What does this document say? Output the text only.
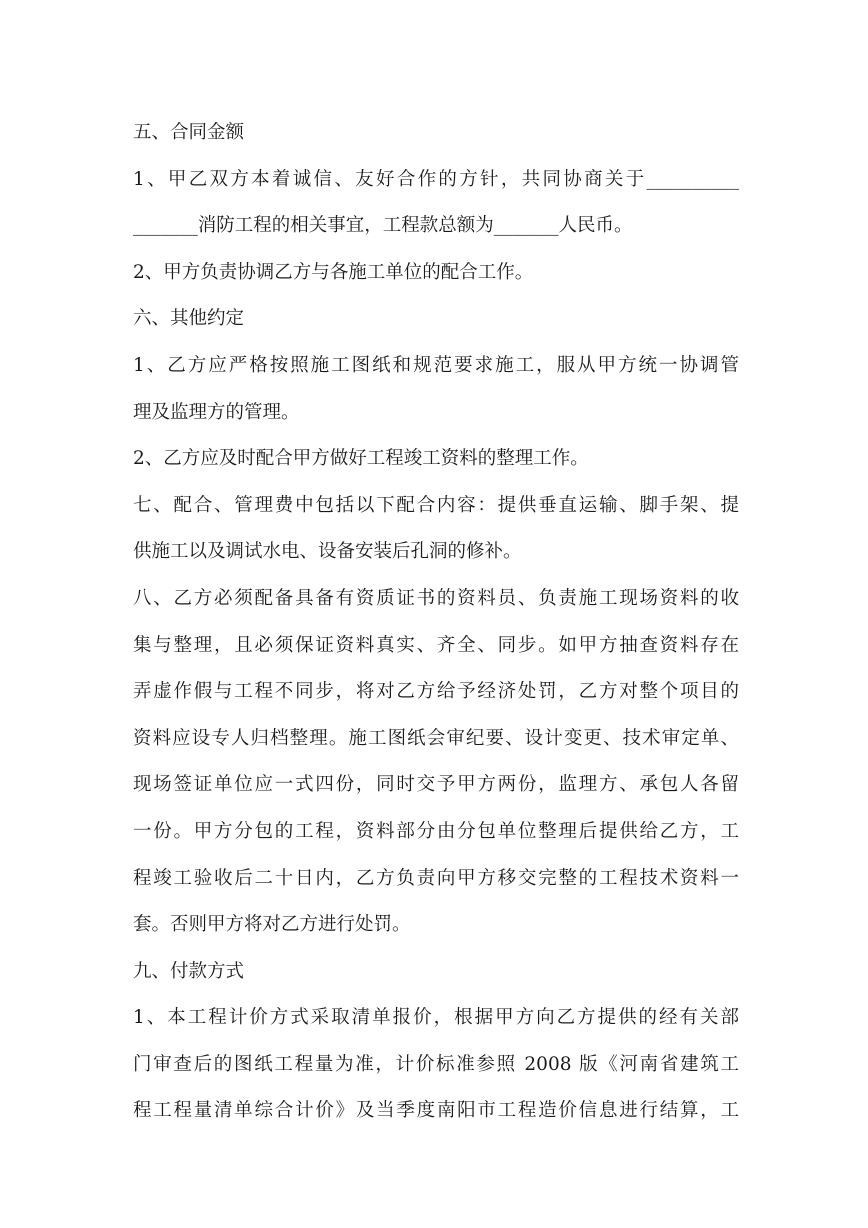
五、合同金额
1、甲乙双方本着诚信、友好合作的方针，共同协商关于__________
_______消防工程的相关事宜，工程款总额为_______人民币。
2、甲方负责协调乙方与各施工单位的配合工作。
六、其他约定
1、乙方应严格按照施工图纸和规范要求施工，服从甲方统一协调管
理及监理方的管理。
2、乙方应及时配合甲方做好工程竣工资料的整理工作。
七、配合、管理费中包括以下配合内容：提供垂直运输、脚手架、提
供施工以及调试水电、设备安装后孔洞的修补。
八、乙方必须配备具备有资质证书的资料员、负责施工现场资料的收
集与整理，且必须保证资料真实、齐全、同步。如甲方抽查资料存在
弄虚作假与工程不同步，将对乙方给予经济处罚，乙方对整个项目的
资料应设专人归档整理。施工图纸会审纪要、设计变更、技术审定单、
现场签证单位应一式四份，同时交予甲方两份，监理方、承包人各留
一份。甲方分包的工程，资料部分由分包单位整理后提供给乙方，工
程竣工验收后二十日内，乙方负责向甲方移交完整的工程技术资料一
套。否则甲方将对乙方进行处罚。
九、付款方式
1、本工程计价方式采取清单报价，根据甲方向乙方提供的经有关部
门审查后的图纸工程量为准，计价标准参照 2008 版《河南省建筑工
程工程量清单综合计价》及当季度南阳市工程造价信息进行结算，工
